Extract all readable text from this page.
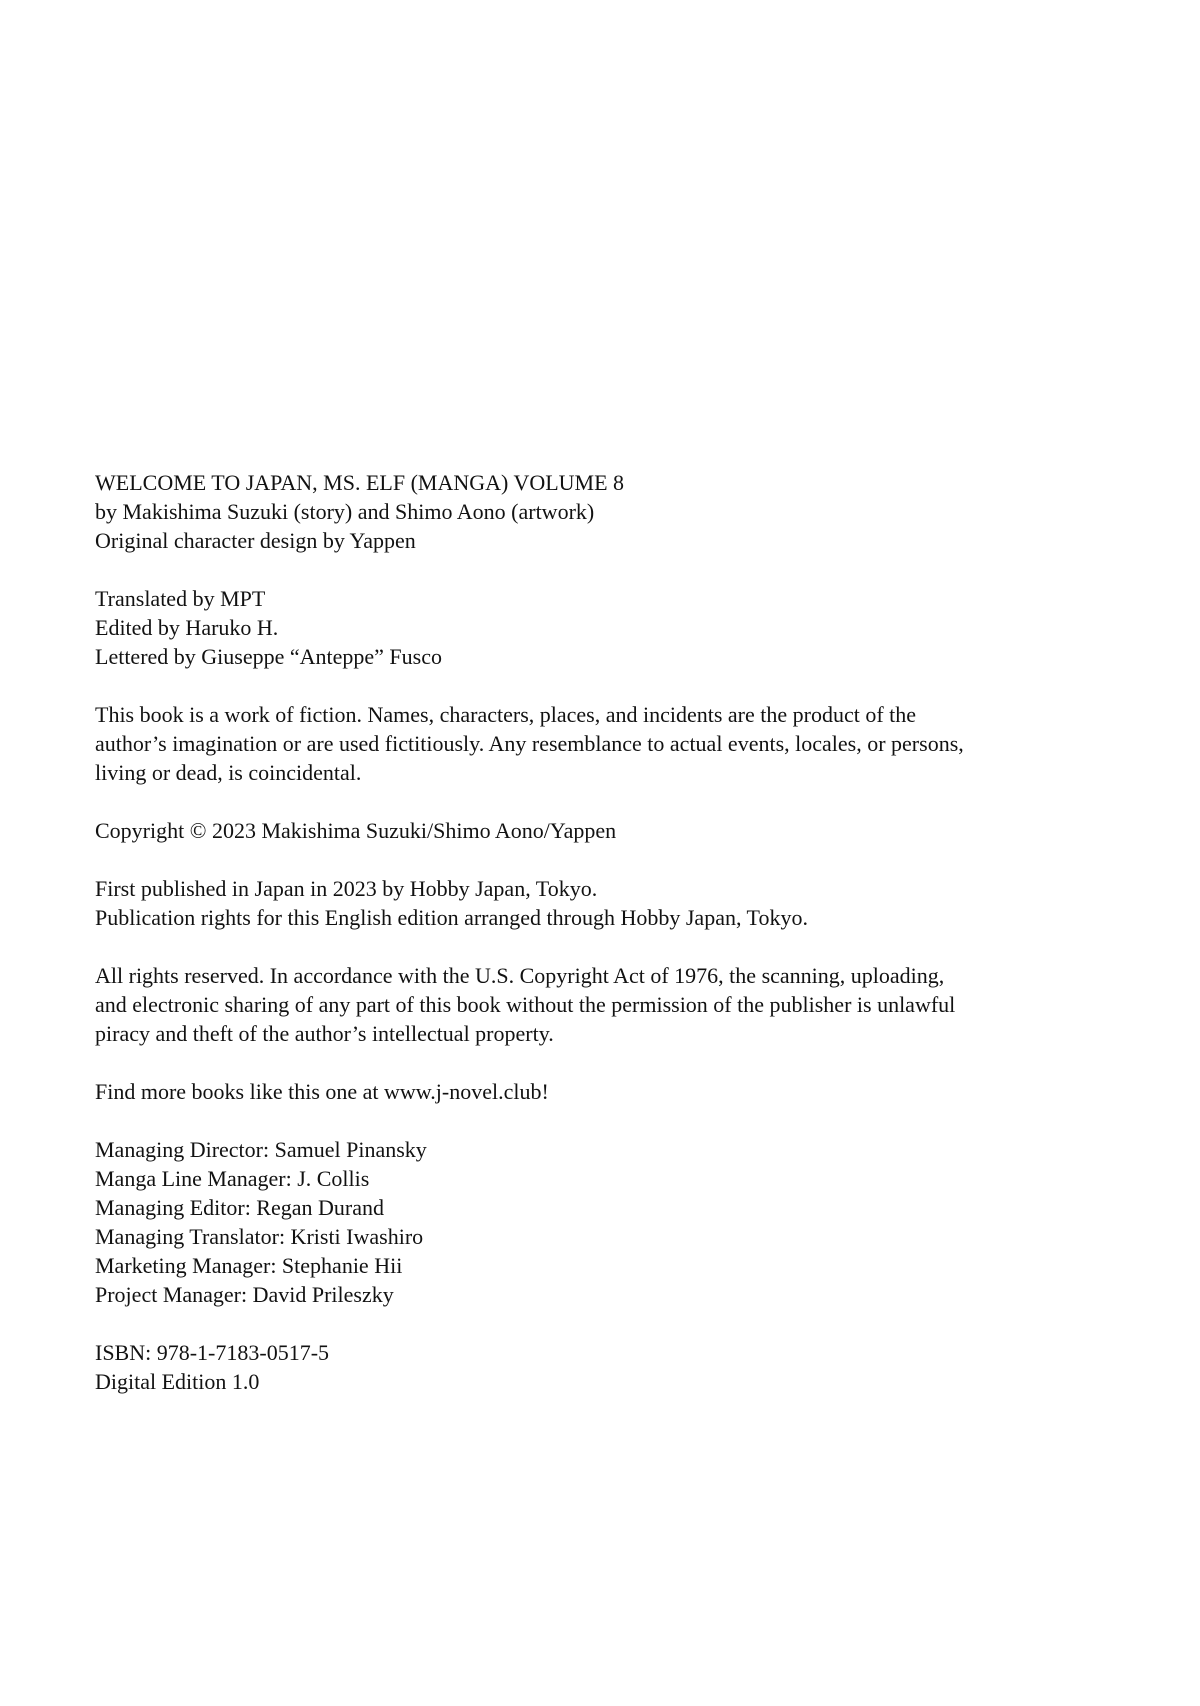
WELCOME TO JAPAN, MS. ELF (MANGA) VOLUME 8
by Makishima Suzuki (story) and Shimo Aono (artwork)
Original character design by Yappen
Translated by MPT
Edited by Haruko H.
Lettered by Giuseppe “Anteppe” Fusco

This book is a work of fiction. Names, characters, places, and incidents are the product of the author’s imagination or are used fictitiously. Any resemblance to actual events, locales, or persons, living or dead, is coincidental.

Copyright © 2023 Makishima Suzuki/Shimo Aono/Yappen

First published in Japan in 2023 by Hobby Japan, Tokyo.
Publication rights for this English edition arranged through Hobby Japan, Tokyo.

All rights reserved. In accordance with the U.S. Copyright Act of 1976, the scanning, uploading, and electronic sharing of any part of this book without the permission of the publisher is unlawful piracy and theft of the author’s intellectual property.

Find more books like this one at www.j-novel.club!

Managing Director: Samuel Pinansky
Manga Line Manager: J. Collis
Managing Editor: Regan Durand
Managing Translator: Kristi Iwashiro
Marketing Manager: Stephanie Hii
Project Manager: David Prileszky
ISBN: 978-1-7183-0517-5
Digital Edition 1.0
